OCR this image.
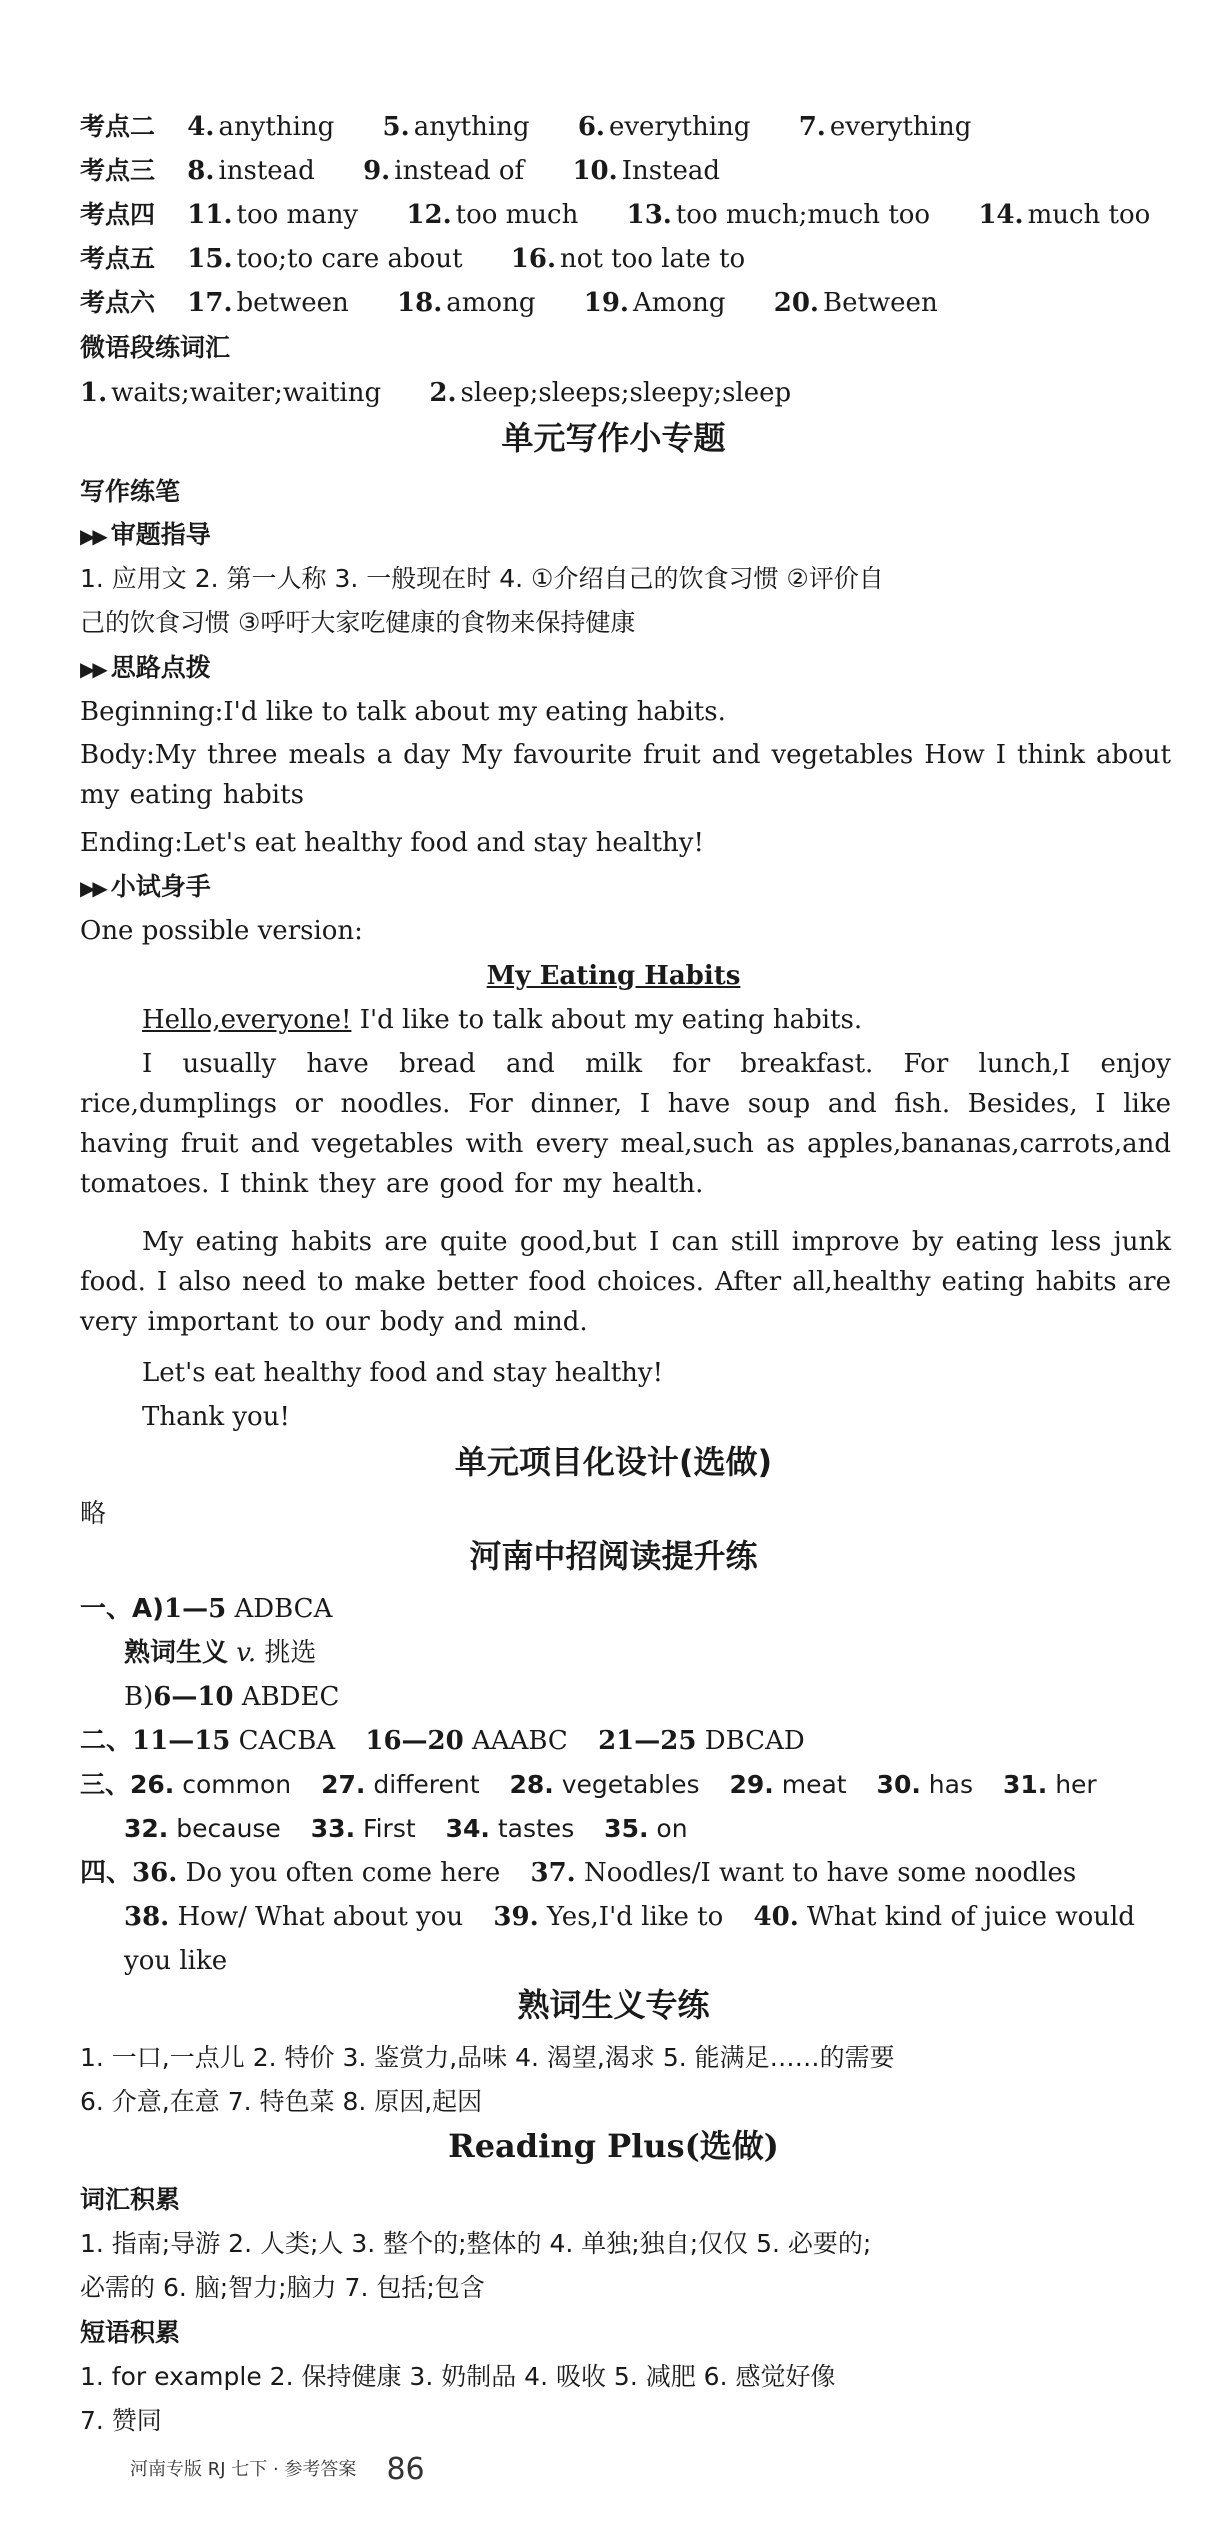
考点二 4. anything 5. anything 6. everything 7. everything
考点三 8. instead 9. instead of 10. Instead
考点四 11. too many 12. too much 13. too much;much too 14. much too
考点五 15. too;to care about 16. not too late to
考点六 17. between 18. among 19. Among 20. Between
微语段练词汇
1. waits;waiter;waiting 2. sleep;sleeps;sleepy;sleep
单元写作小专题
写作练笔
▶▶ 审题指导
1. 应用文 2. 第一人称 3. 一般现在时 4. ①介绍自己的饮食习惯 ②评价自
己的饮食习惯 ③呼吁大家吃健康的食物来保持健康
▶▶ 思路点拨
Beginning:I'd like to talk about my eating habits.
Body:My three meals a day My favourite fruit and vegetables How I think about my eating habits
Ending:Let's eat healthy food and stay healthy!
▶▶ 小试身手
One possible version:
My Eating Habits
Hello,everyone! I'd like to talk about my eating habits.
I usually have bread and milk for breakfast. For lunch,I enjoy rice,dumplings or noodles. For dinner, I have soup and fish. Besides, I like having fruit and vegetables with every meal,such as apples,bananas,carrots,and tomatoes. I think they are good for my health.
My eating habits are quite good,but I can still improve by eating less junk food. I also need to make better food choices. After all,healthy eating habits are very important to our body and mind.
Let's eat healthy food and stay healthy!
Thank you!
单元项目化设计(选做)
略
河南中招阅读提升练
一、A)1—5 ADBCA
熟词生义 v. 挑选
B)6—10 ABDEC
二、11—15 CACBA 16—20 AAABC 21—25 DBCAD
三、26. common 27. different 28. vegetables 29. meat 30. has 31. her
32. because 33. First 34. tastes 35. on
四、36. Do you often come here 37. Noodles/I want to have some noodles
38. How/ What about you 39. Yes,I'd like to 40. What kind of juice would
you like
熟词生义专练
1. 一口,一点儿 2. 特价 3. 鉴赏力,品味 4. 渴望,渴求 5. 能满足……的需要
6. 介意,在意 7. 特色菜 8. 原因,起因
Reading Plus(选做)
词汇积累
1. 指南;导游 2. 人类;人 3. 整个的;整体的 4. 单独;独自;仅仅 5. 必要的;
必需的 6. 脑;智力;脑力 7. 包括;包含
短语积累
1. for example 2. 保持健康 3. 奶制品 4. 吸收 5. 减肥 6. 感觉好像
7. 赞同
河南专版 RJ 七下 · 参考答案 86
